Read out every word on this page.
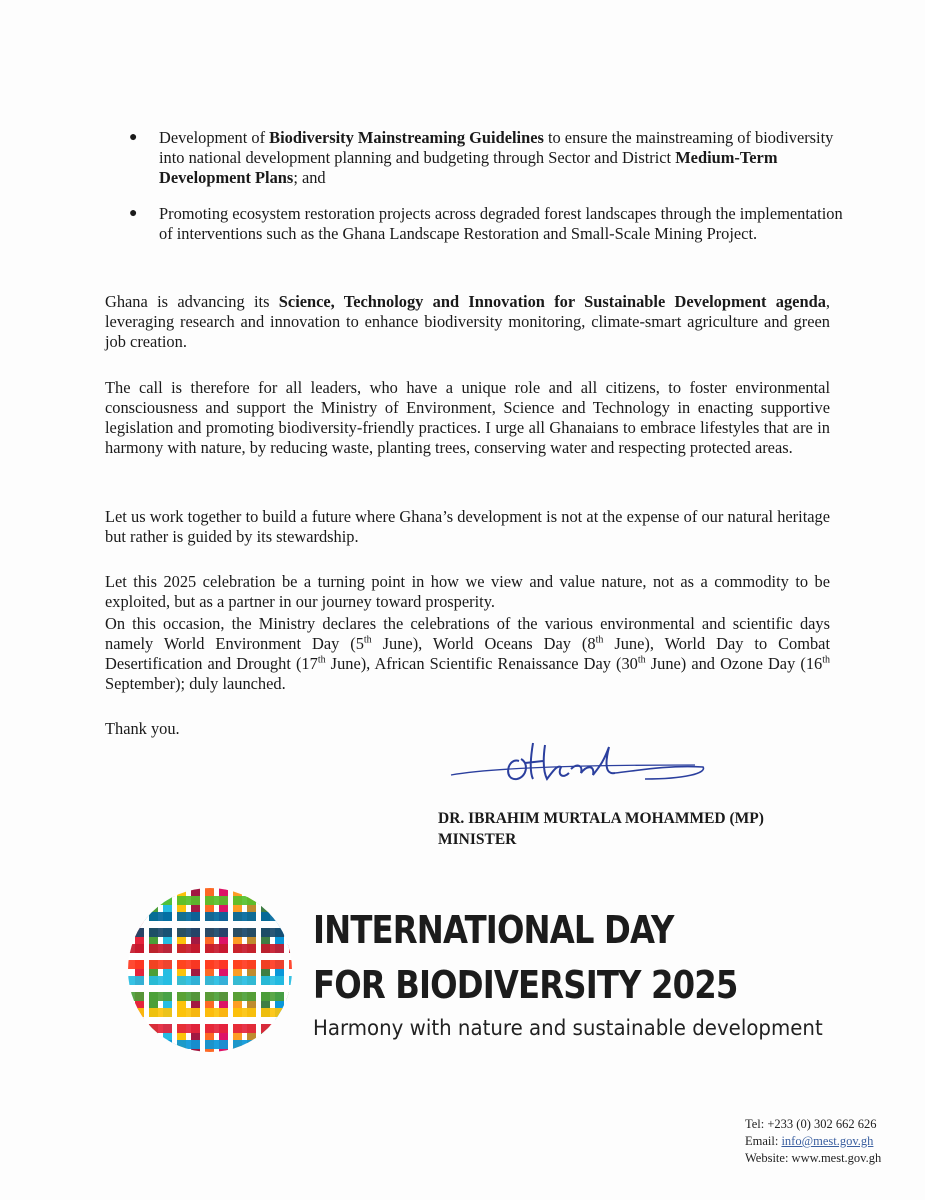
● Development of Biodiversity Mainstreaming Guidelines to ensure the mainstreaming of biodiversity into national development planning and budgeting through Sector and District Medium-Term Development Plans; and
● Promoting ecosystem restoration projects across degraded forest landscapes through the implementation of interventions such as the Ghana Landscape Restoration and Small-Scale Mining Project.

Ghana is advancing its Science, Technology and Innovation for Sustainable Development agenda, leveraging research and innovation to enhance biodiversity monitoring, climate-smart agriculture and green job creation.

The call is therefore for all leaders, who have a unique role and all citizens, to foster environmental consciousness and support the Ministry of Environment, Science and Technology in enacting supportive legislation and promoting biodiversity-friendly practices. I urge all Ghanaians to embrace lifestyles that are in harmony with nature, by reducing waste, planting trees, conserving water and respecting protected areas.

Let us work together to build a future where Ghana’s development is not at the expense of our natural heritage but rather is guided by its stewardship.

Let this 2025 celebration be a turning point in how we view and value nature, not as a commodity to be exploited, but as a partner in our journey toward prosperity.

On this occasion, the Ministry declares the celebrations of the various environmental and scientific days namely World Environment Day (5th June), World Oceans Day (8th June), World Day to Combat Desertification and Drought (17th June), African Scientific Renaissance Day (30th June) and Ozone Day (16th September); duly launched.

Thank you.

DR. IBRAHIM MURTALA MOHAMMED (MP)
MINISTER
INTERNATIONAL DAY
FOR BIODIVERSITY 2025
Harmony with nature and sustainable development
Tel: +233 (0) 302 662 626
Email: info@mest.gov.gh
Website: www.mest.gov.gh
